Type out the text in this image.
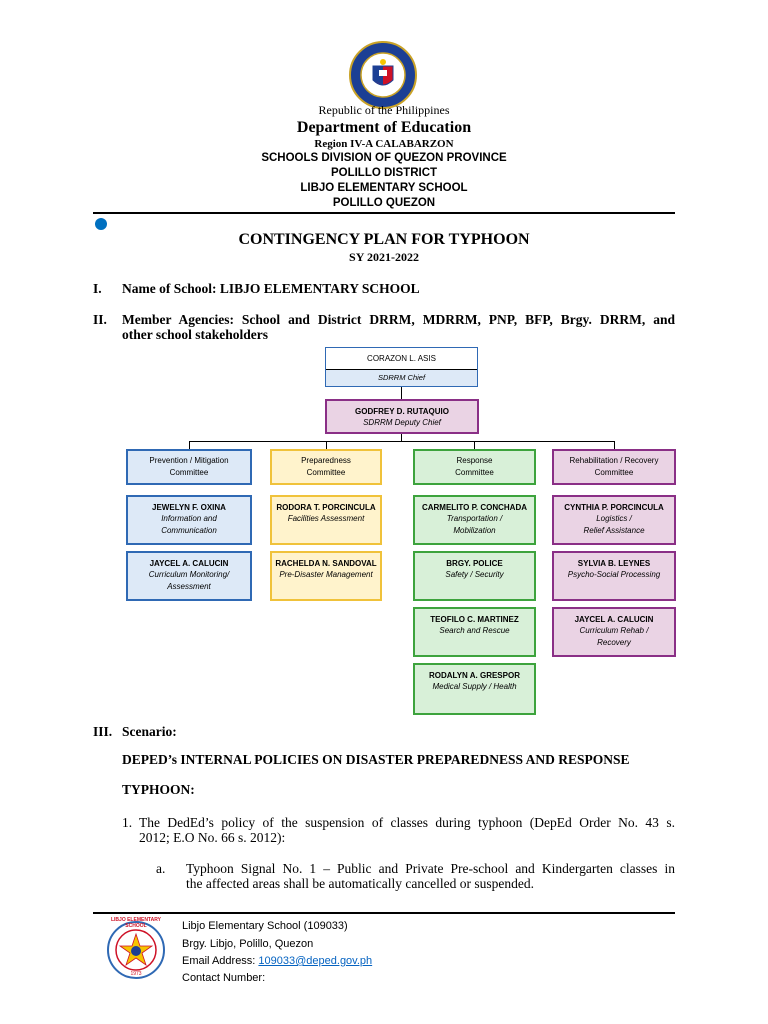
Republic of the Philippines
Department of Education
Region IV-A CALABARZON
SCHOOLS DIVISION OF QUEZON PROVINCE
POLILLO DISTRICT
LIBJO ELEMENTARY SCHOOL
POLILLO QUEZON
CONTINGENCY PLAN FOR TYPHOON
SY 2021-2022
I. Name of School: LIBJO ELEMENTARY SCHOOL
II. Member Agencies: School and District DRRM, MDRRM, PNP, BFP, Brgy. DRRM, and
other school stakeholders
CORAZON L. ASIS
SDRRM Chief
GODFREY D. RUTAQUIO
SDRRM Deputy Chief
Prevention / Mitigation
Committee
Preparedness
Committee
Response
Committee
Rehabilitation / Recovery
Committee
JEWELYN F. OXINA
Information and
Communication
JAYCEL A. CALUCIN
Curriculum Monitoring/
Assessment
RODORA T. PORCINCULA
Facilities Assessment
RACHELDA N. SANDOVAL
Pre-Disaster Management
CARMELITO P. CONCHADA
Transportation /
Mobilization
BRGY. POLICE
Safety / Security
TEOFILO C. MARTINEZ
Search and Rescue
RODALYN A. GRESPOR
Medical Supply / Health
CYNTHIA P. PORCINCULA
Logistics /
Relief Assistance
SYLVIA B. LEYNES
Psycho-Social Processing
JAYCEL A. CALUCIN
Curriculum Rehab /
Recovery
III. Scenario:
DEPED’s INTERNAL POLICIES ON DISASTER PREPAREDNESS AND RESPONSE
TYPHOON:
1. The DedEd’s policy of the suspension of classes during typhoon (DepEd Order No. 43 s.
2012; E.O No. 66 s. 2012):
a. Typhoon Signal No. 1 – Public and Private Pre-school and Kindergarten classes in
the affected areas shall be automatically cancelled or suspended.
LIBJO ELEMENTARY SCHOOL
1973
Libjo Elementary School (109033)
Brgy. Libjo, Polillo, Quezon
Email Address: 109033@deped.gov.ph
Contact Number:
